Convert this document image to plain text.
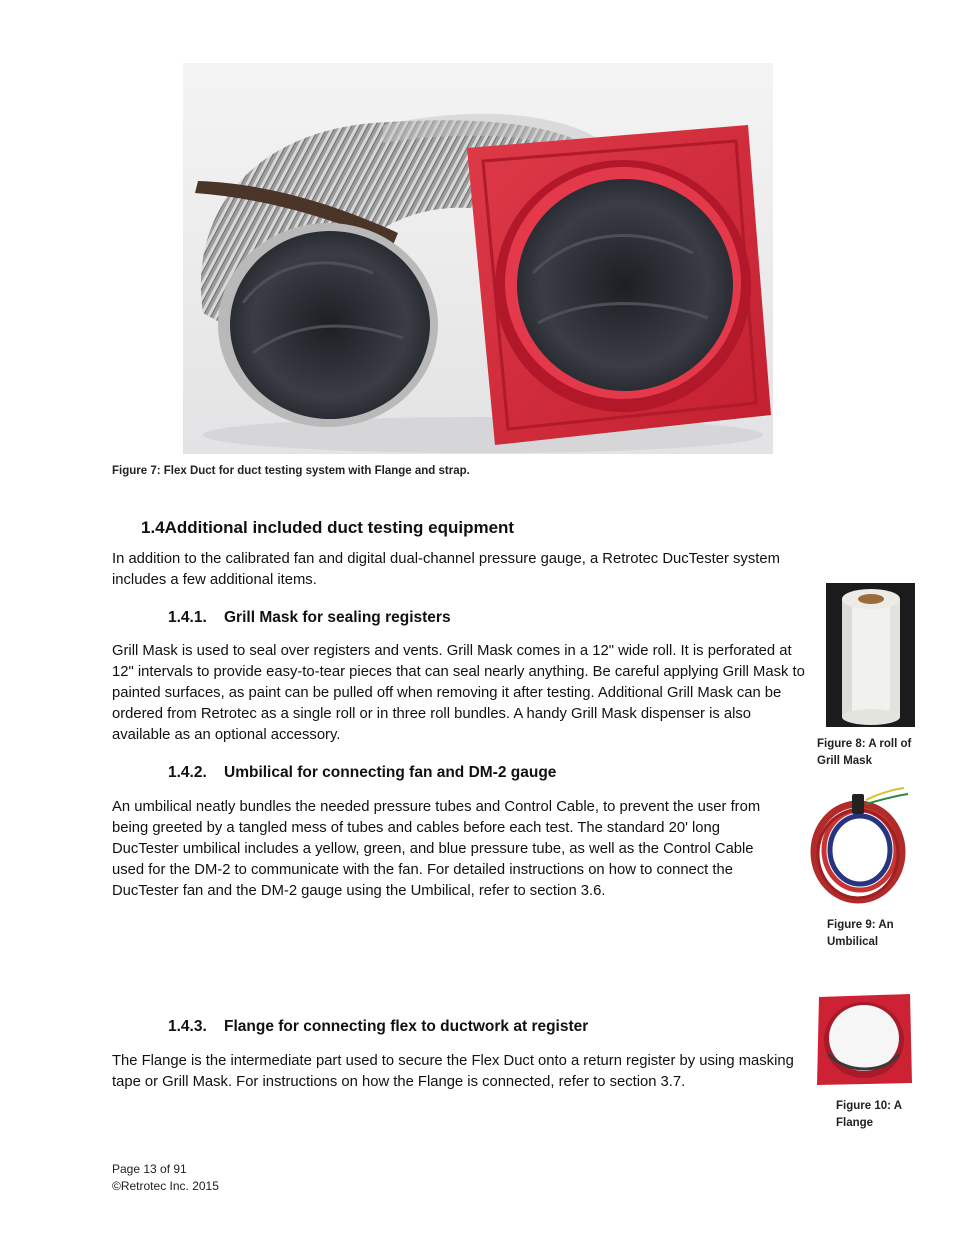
Figure 7: Flex Duct for duct testing system with Flange and strap.
1.4Additional included duct testing equipment
In addition to the calibrated fan and digital dual-channel pressure gauge, a Retrotec DucTester system includes a few additional items.
1.4.1. Grill Mask for sealing registers
Grill Mask is used to seal over registers and vents. Grill Mask comes in a 12" wide roll. It is perforated at 12" intervals to provide easy-to-tear pieces that can seal nearly anything. Be careful applying Grill Mask to painted surfaces, as paint can be pulled off when removing it after testing. Additional Grill Mask can be ordered from Retrotec as a single roll or in three roll bundles. A handy Grill Mask dispenser is also available as an optional accessory.
Figure 8: A roll of Grill Mask
1.4.2. Umbilical for connecting fan and DM-2 gauge
An umbilical neatly bundles the needed pressure tubes and Control Cable, to prevent the user from being greeted by a tangled mess of tubes and cables before each test. The standard 20' long DucTester umbilical includes a yellow, green, and blue pressure tube, as well as the Control Cable used for the DM-2 to communicate with the fan. For detailed instructions on how to connect the DucTester fan and the DM-2 gauge using the Umbilical, refer to section 3.6.
Figure 9: An Umbilical
1.4.3. Flange for connecting flex to ductwork at register
The Flange is the intermediate part used to secure the Flex Duct onto a return register by using masking tape or Grill Mask. For instructions on how the Flange is connected, refer to section 3.7.
Figure 10: A Flange
Page 13 of 91
©Retrotec Inc. 2015
